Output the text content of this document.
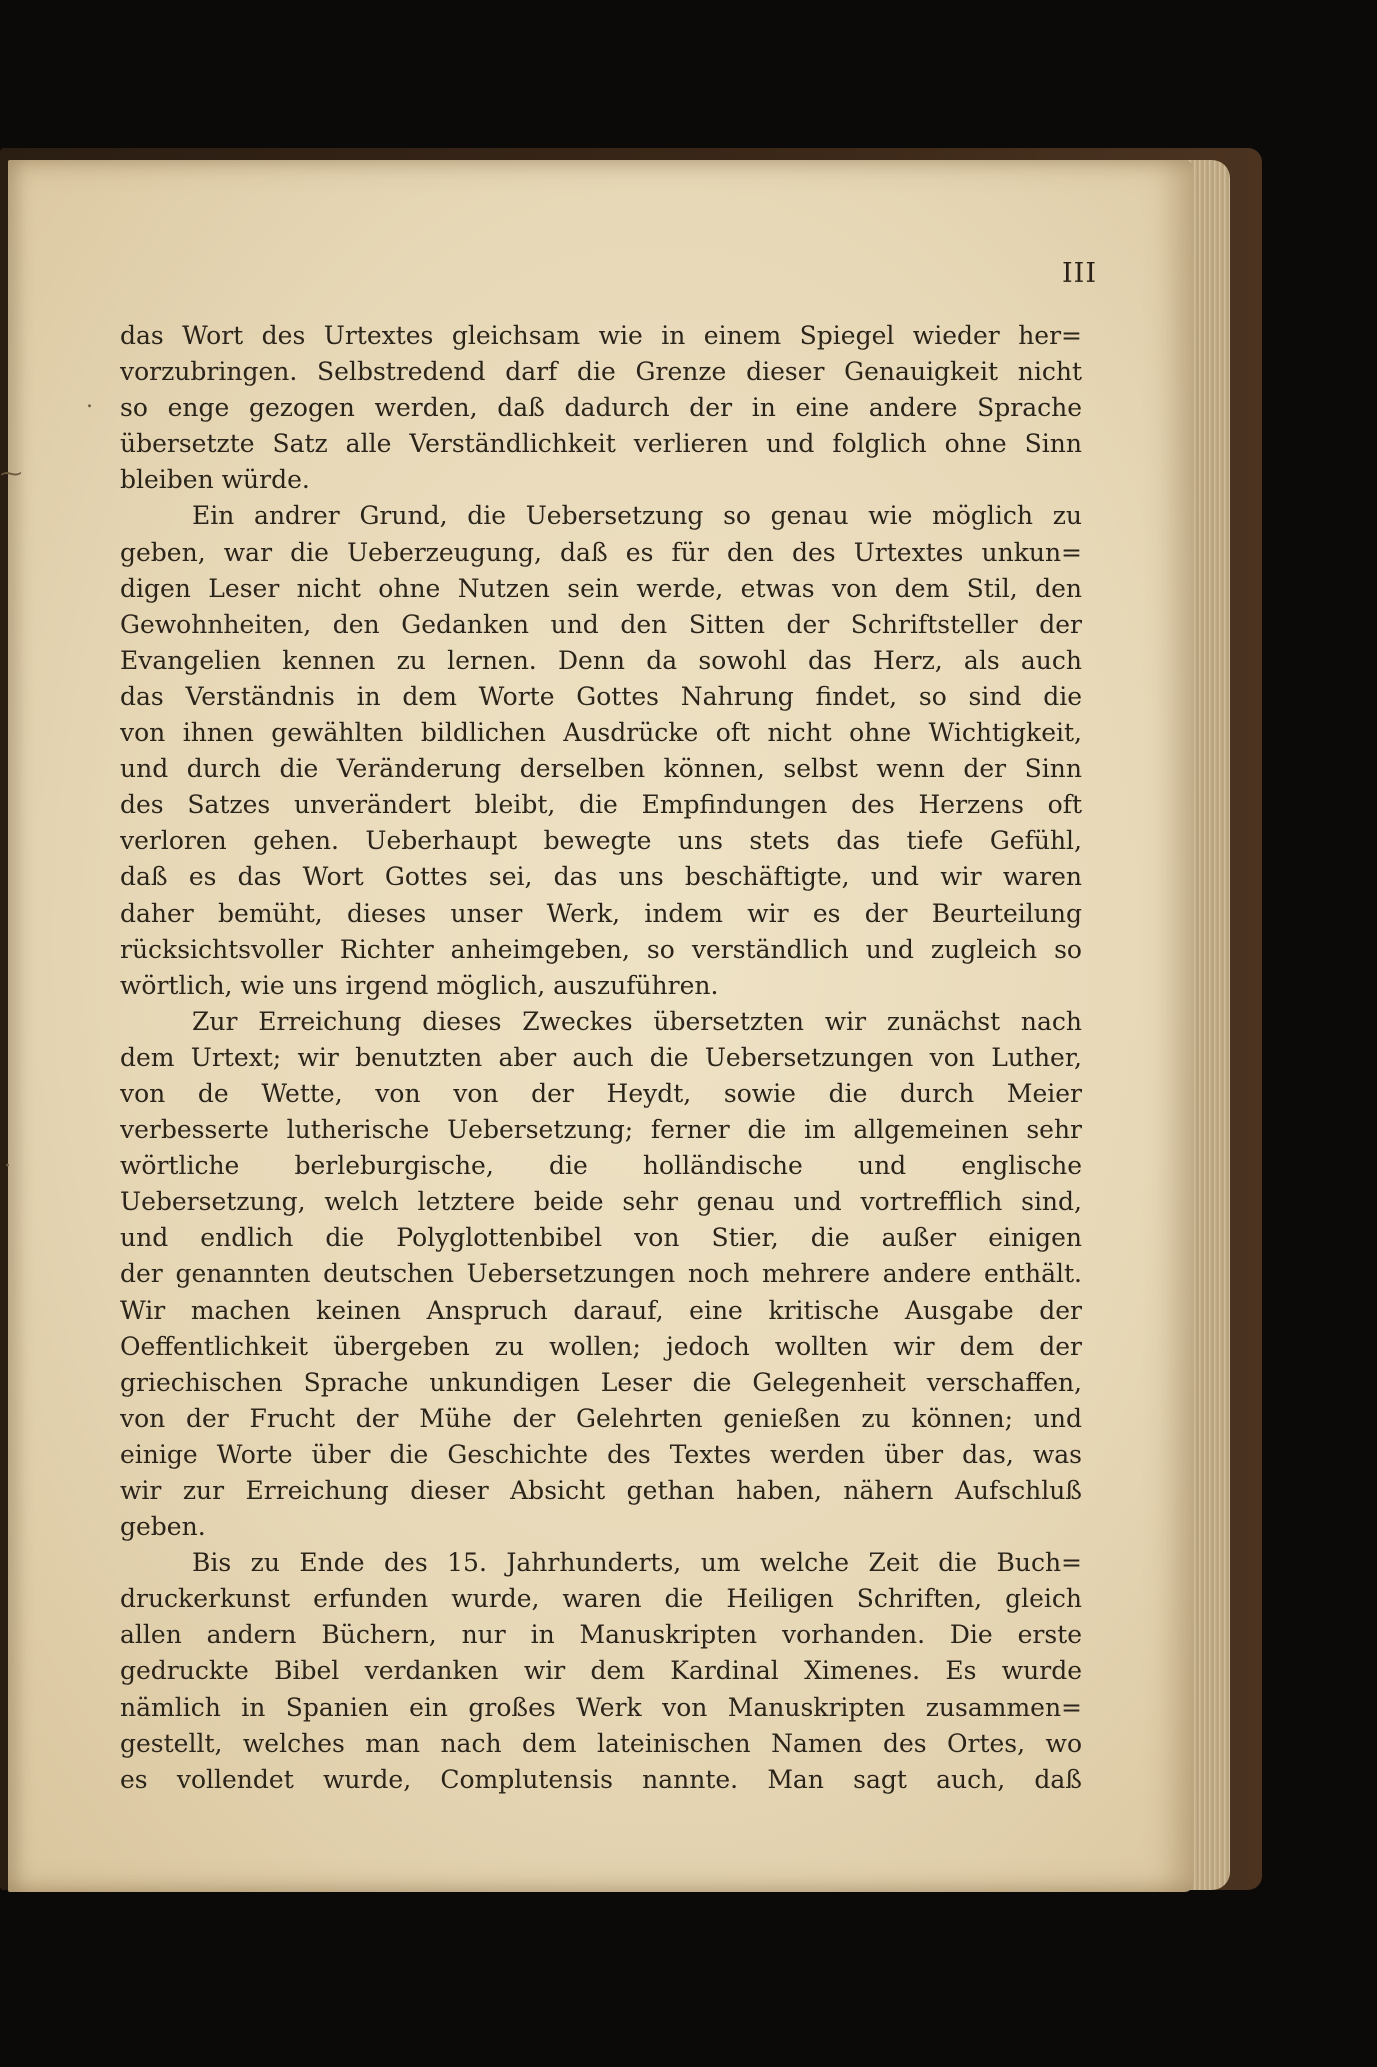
⁓
·
.
III
das Wort des Urtextes gleichsam wie in einem Spiegel wieder her=
vorzubringen. Selbstredend darf die Grenze dieser Genauigkeit nicht
so enge gezogen werden, daß dadurch der in eine andere Sprache
übersetzte Satz alle Verständlichkeit verlieren und folglich ohne Sinn
bleiben würde.
Ein andrer Grund, die Uebersetzung so genau wie möglich zu
geben, war die Ueberzeugung, daß es für den des Urtextes unkun=
digen Leser nicht ohne Nutzen sein werde, etwas von dem Stil, den
Gewohnheiten, den Gedanken und den Sitten der Schriftsteller der
Evangelien kennen zu lernen. Denn da sowohl das Herz, als auch
das Verständnis in dem Worte Gottes Nahrung findet, so sind die
von ihnen gewählten bildlichen Ausdrücke oft nicht ohne Wichtigkeit,
und durch die Veränderung derselben können, selbst wenn der Sinn
des Satzes unverändert bleibt, die Empfindungen des Herzens oft
verloren gehen. Ueberhaupt bewegte uns stets das tiefe Gefühl,
daß es das Wort Gottes sei, das uns beschäftigte, und wir waren
daher bemüht, dieses unser Werk, indem wir es der Beurteilung
rücksichtsvoller Richter anheimgeben, so verständlich und zugleich so
wörtlich, wie uns irgend möglich, auszuführen.
Zur Erreichung dieses Zweckes übersetzten wir zunächst nach
dem Urtext; wir benutzten aber auch die Uebersetzungen von Luther,
von de Wette, von von der Heydt, sowie die durch Meier
verbesserte lutherische Uebersetzung; ferner die im allgemeinen sehr
wörtliche berleburgische, die holländische und englische
Uebersetzung, welch letztere beide sehr genau und vortrefflich sind,
und endlich die Polyglottenbibel von Stier, die außer einigen
der genannten deutschen Uebersetzungen noch mehrere andere enthält.
Wir machen keinen Anspruch darauf, eine kritische Ausgabe der
Oeffentlichkeit übergeben zu wollen; jedoch wollten wir dem der
griechischen Sprache unkundigen Leser die Gelegenheit verschaffen,
von der Frucht der Mühe der Gelehrten genießen zu können; und
einige Worte über die Geschichte des Textes werden über das, was
wir zur Erreichung dieser Absicht gethan haben, nähern Aufschluß
geben.
Bis zu Ende des 15. Jahrhunderts, um welche Zeit die Buch=
druckerkunst erfunden wurde, waren die Heiligen Schriften, gleich
allen andern Büchern, nur in Manuskripten vorhanden. Die erste
gedruckte Bibel verdanken wir dem Kardinal Ximenes. Es wurde
nämlich in Spanien ein großes Werk von Manuskripten zusammen=
gestellt, welches man nach dem lateinischen Namen des Ortes, wo
es vollendet wurde, Complutensis nannte. Man sagt auch, daß
